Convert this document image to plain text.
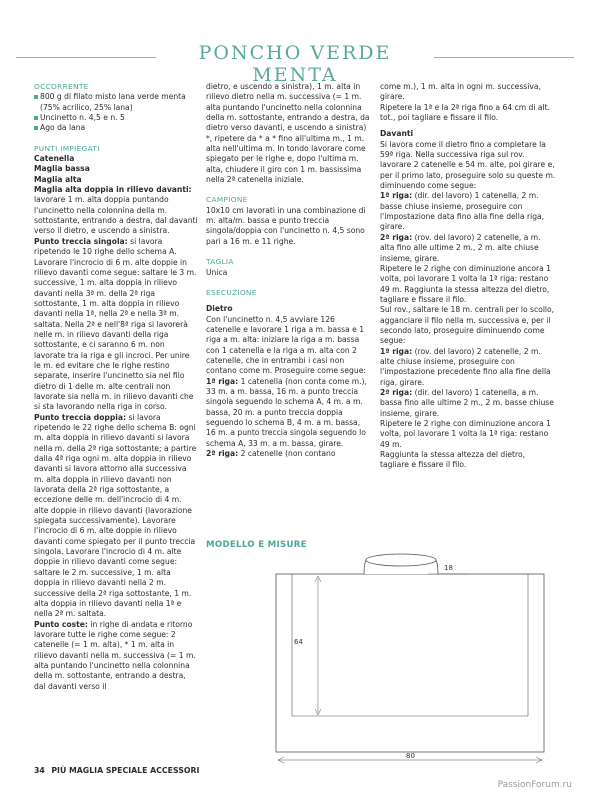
PONCHO VERDE MENTA

OCCORRENTE

800 g di filato misto lana verde menta (75% acrilico, 25% lana)
Uncinetto n. 4,5 e n. 5
Ago da lana

PUNTI IMPIEGATI

Catenella

Maglia bassa

Maglia alta

Maglia alta doppia in rilievo davanti: lavorare 1 m. alta doppia puntando l'uncinetto nella colonnina della m. sottostante, entrando a destra, dal davanti verso il dietro, e uscendo a sinistra.

Punto treccia singola: si lavora ripetendo le 10 righe dello schema A. Lavorare l'incrocio di 6 m. alte doppie in rilievo davanti come segue: saltare le 3 m. successive, 1 m. alta doppia in rilievo davanti nella 3ª m. della 2ª riga sottostante, 1 m. alta doppia in rilievo davanti nella 1ª, nella 2ª e nella 3ª m. saltata. Nella 2ª e nell'8ª riga si lavorerà nelle m. in rilievo davanti della riga sottostante, e ci saranno 6 m. non lavorate tra la riga e gli incroci. Per unire le m. ed evitare che le righe restino separate, inserire l'uncinetto sia nel filo dietro di 1 delle m. alte centrali non lavorate sia nella m. in rilievo davanti che si sta lavorando nella riga in corso.

Punto treccia doppia: si lavora ripetendo le 22 righe dello schema B: ogni m. alta doppia in rilievo davanti si lavora nella m. della 2ª riga sottostante; a partire dalla 4ª riga ogni m. alta doppia in rilievo davanti si lavora attorno alla successiva m. alta doppia in rilievo davanti non lavorata della 2ª riga sottostante, a eccezione delle m. dell'incrocio di 4 m. alte doppie in rilievo davanti (lavorazione spiegata successivamente). Lavorare l'incrocio di 6 m. alte doppie in rilievo davanti come spiegato per il punto treccia singola. Lavorare l'incrocio di 4 m. alte doppie in rilievo davanti come segue: saltare le 2 m. successive, 1 m. alta doppia in rilievo davanti nella 2 m. successive della 2ª riga sottostante, 1 m. alta doppia in rilievo davanti nella 1ª e nella 2ª m. saltata.

Punto coste: in righe di andata e ritorno lavorare tutte le righe come segue: 2 catenelle (= 1 m. alta), * 1 m. alta in rilievo davanti nella m. successiva (= 1 m. alta puntando l'uncinetto nella colonnina della m. sottostante, entrando a destra, dal davanti verso il

dietro, e uscendo a sinistra), 1 m. alta in rilievo dietro nella m. successiva (= 1 m. alta puntando l'uncinetto nella colonnina della m. sottostante, entrando a destra, da dietro verso davanti, e uscendo a sinistra) *, ripetere da * a * fino all'ultima m., 1 m. alta nell'ultima m. In tondo lavorare come spiegato per le righe e, dopo l'ultima m. alta, chiudere il giro con 1 m. bassissima nella 2ª catenella iniziale.

CAMPIONE

10x10 cm lavorati in una combinazione di m. alta/m. bassa e punto treccia singola/doppia con l'uncinetto n. 4,5 sono pari a 16 m. e 11 righe.

TAGLIA

Unica

ESECUZIONE

Dietro

Con l'uncinetto n. 4,5 avviare 126 catenelle e lavorare 1 riga a m. bassa e 1 riga a m. alta: iniziare la riga a m. bassa con 1 catenella e la riga a m. alta con 2 catenelle, che in entrambi i casi non contano come m. Proseguire come segue:

1ª riga: 1 catenella (non conta come m.), 33 m. a m. bassa, 16 m. a punto treccia singola seguendo lo schema A, 4 m. a m. bassa, 20 m. a punto treccia doppia seguendo lo schema B, 4 m. a m. bassa, 16 m. a punto treccia singola seguendo lo schema A, 33 m. a m. bassa, girare.

2ª riga: 2 catenelle (non contano

come m.), 1 m. alta in ogni m. successiva, girare.

Ripetere la 1ª e la 2ª riga fino a 64 cm di alt. tot., poi tagliare e fissare il filo.

Davanti

Si lavora come il dietro fino a completare la 59ª riga. Nella successiva riga sul rov. lavorare 2 catenelle e 54 m. alte, poi girare e, per il primo lato, proseguire solo su queste m. diminuendo come segue:

1ª riga: (dir. del lavoro) 1 catenella, 2 m. basse chiuse insieme, proseguire con l'impostazione data fino alla fine della riga, girare.

2ª riga: (rov. del lavoro) 2 catenelle, a m. alta fino alle ultime 2 m., 2 m. alte chiuse insieme, girare.

Ripetere le 2 righe con diminuzione ancora 1 volta, poi lavorare 1 volta la 1ª riga: restano 49 m. Raggiunta la stessa altezza del dietro, tagliare e fissare il filo.

Sul rov., saltare le 18 m. centrali per lo scollo, agganciare il filo nella m. successiva e, per il secondo lato, proseguire diminuendo come segue:

1ª riga: (rov. del lavoro) 2 catenelle, 2 m. alte chiuse insieme, proseguire con l'impostazione precedente fino alla fine della riga, girare.

2ª riga: (dir. del lavoro) 1 catenella, a m. bassa fino alle ultime 2 m., 2 m. basse chiuse insieme, girare.

Ripetere le 2 righe con diminuzione ancora 1 volta, poi lavorare 1 volta la 1ª riga: restano 49 m.

Raggiunta la stessa altezza del dietro, tagliare e fissare il filo.

MODELLO E MISURE
18
64
80
34 PIÙ MAGLIA SPECIALE ACCESSORI
PassionForum.ru
